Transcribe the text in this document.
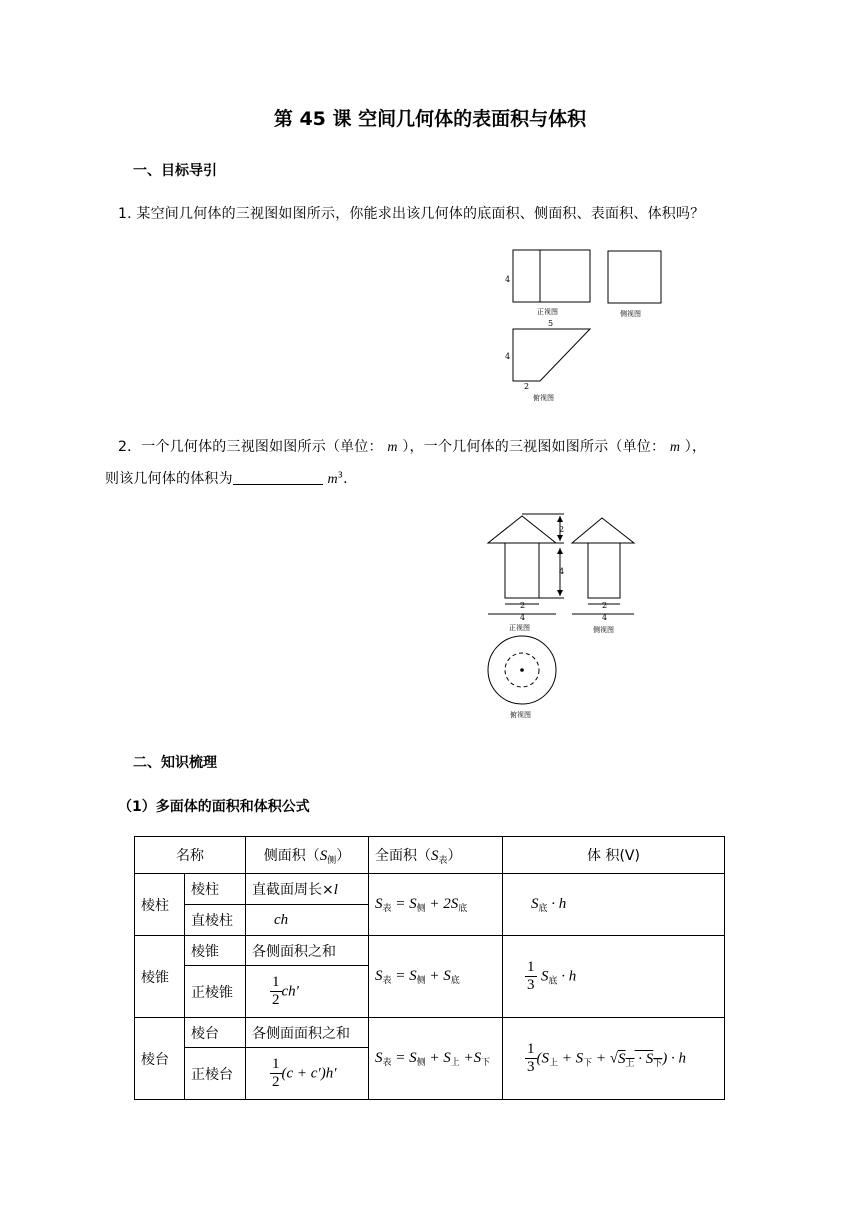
第 45 课 空间几何体的表面积与体积
一、目标导引
1. 某空间几何体的三视图如图所示，你能求出该几何体的底面积、侧面积、表面积、体积吗？
4
正视图	侧视图
5
4
2
俯视图
2．一个几何体的三视图如图所示（单位： m ），一个几何体的三视图如图所示（单位： m ），
则该几何体的体积为	$m^3$.
2
4
2
4
正视图
2
4
侧视图
俯视图
二、知识梳理
（1）多面体的面积和体积公式
名称		侧面积$(S_侧)$	全面积$(S_表)$	体 积(V)
棱柱	棱柱	直截面周长×l	$S_表 = S_侧 + 2S_底$	$S_底 \cdot h$
	直棱柱	ch		
棱锥	棱锥	各侧面积之和	$S_表 = S_侧 + S_底$	$\frac{1}{3} S_底 \cdot h$
	正棱锥	$\frac{1}{2} ch'$		
棱台	棱台	各侧面面积之和	$S_表 = S_侧 + S_上 +S_下$	$\frac{1}{3} (S_上 + S_下 + √S_上 \cdot S_下) \cdot h$
	正棱台	$\frac{1}{2} (c + c')h'$		
